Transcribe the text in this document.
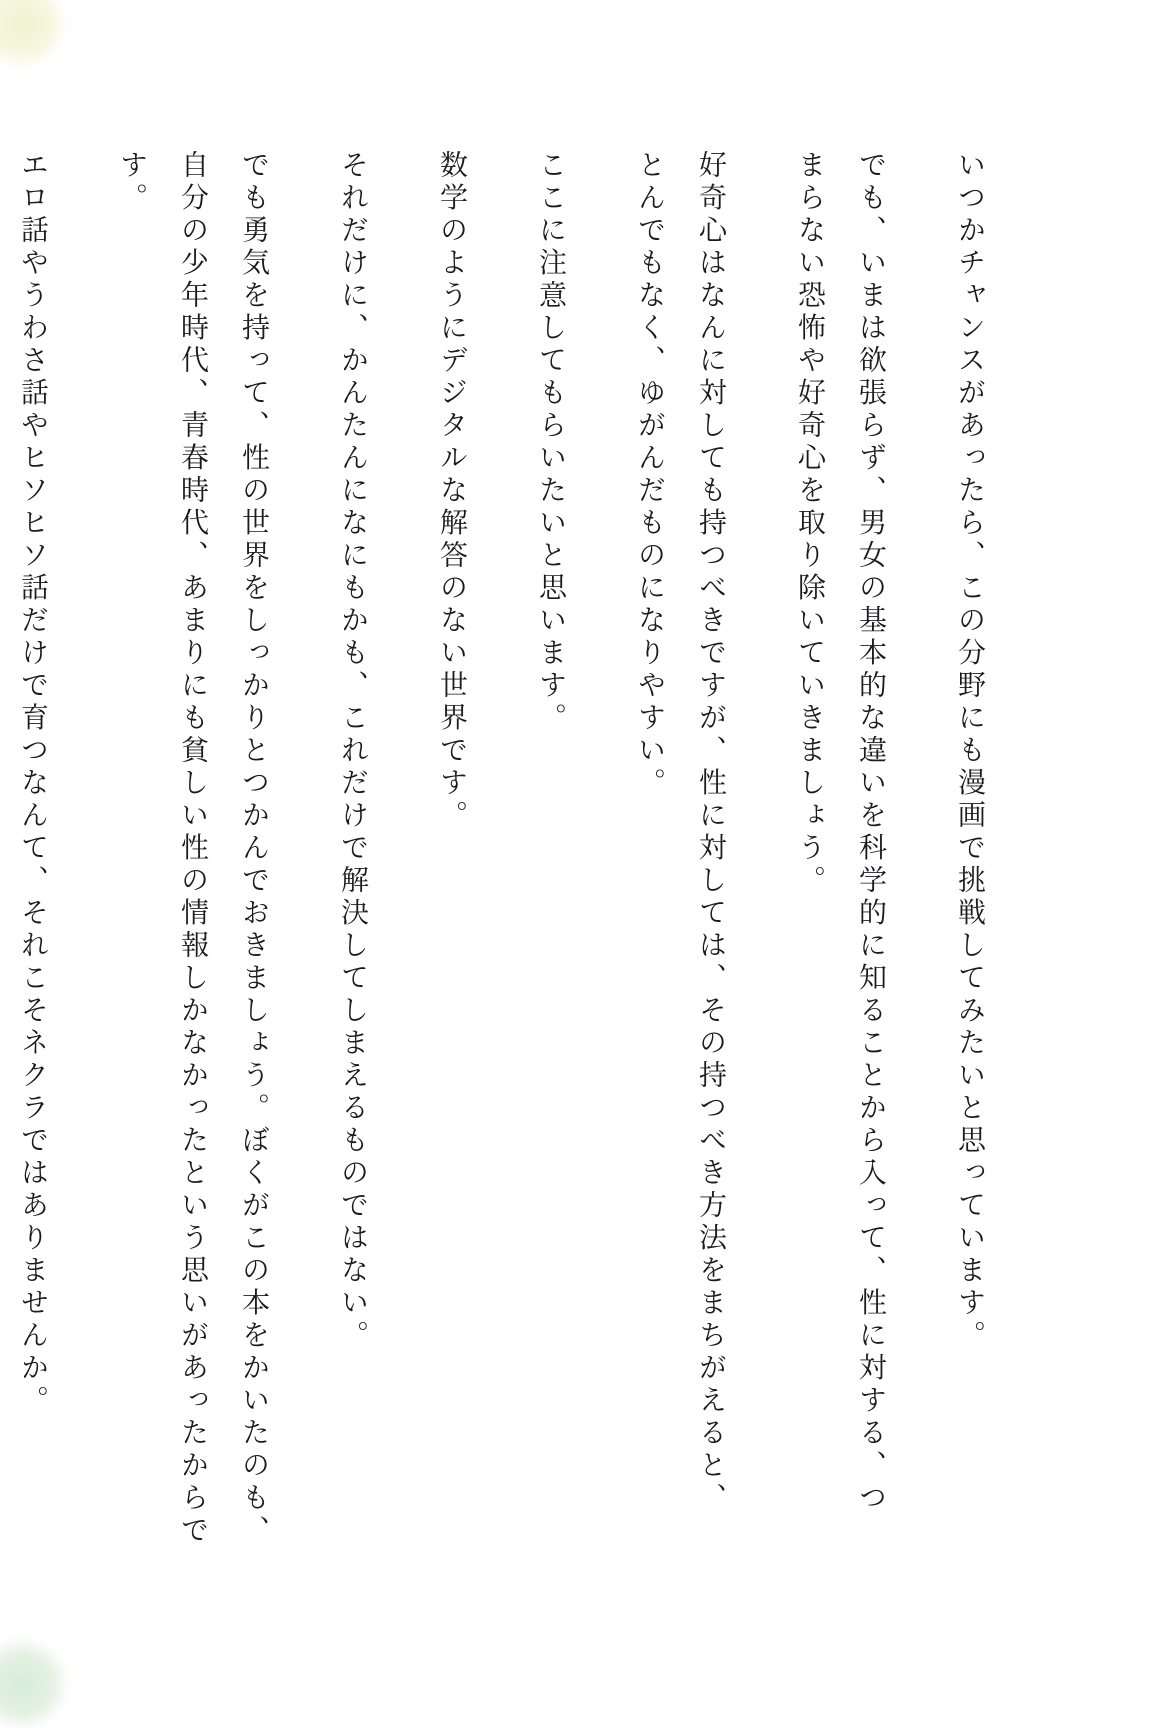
いつかチャンスがあったら、この分野にも漫画で挑戦してみたいと思っています。
でも、いまは欲張らず、男女の基本的な違いを科学的に知ることから入って、性に対する、つ
まらない恐怖や好奇心を取り除いていきましょう。
好奇心はなんに対しても持つべきですが、性に対しては、その持つべき方法をまちがえると、
とんでもなく、ゆがんだものになりやすい。
ここに注意してもらいたいと思います。
数学のようにデジタルな解答のない世界です。
それだけに、かんたんになにもかも、これだけで解決してしまえるものではない。
でも勇気を持って、性の世界をしっかりとつかんでおきましょう。ぼくがこの本をかいたのも、
自分の少年時代、青春時代、あまりにも貧しい性の情報しかなかったという思いがあったからで
す。
エロ話やうわさ話やヒソヒソ話だけで育つなんて、それこそネクラではありませんか。
